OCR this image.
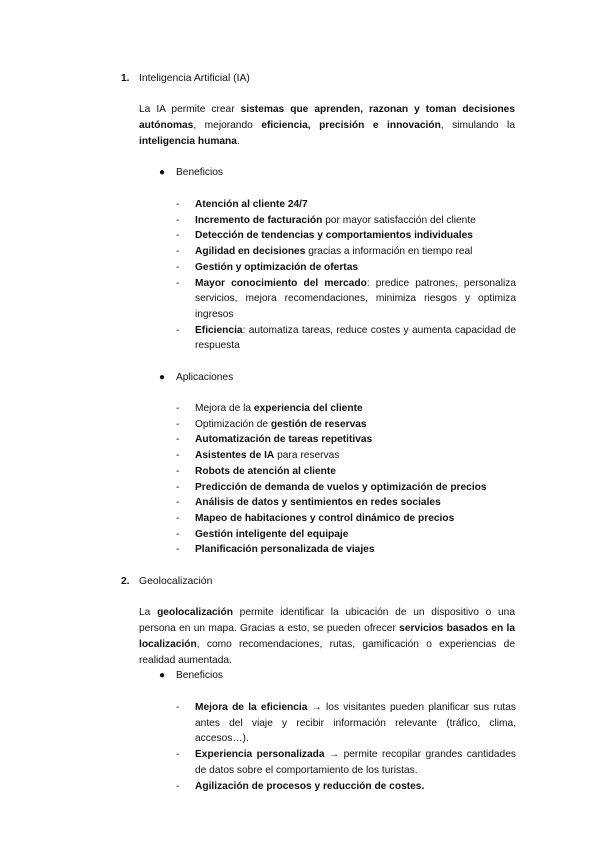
1. Inteligencia Artificial (IA)
La IA permite crear sistemas que aprenden, razonan y toman decisiones autónomas, mejorando eficiencia, precisión e innovación, simulando la inteligencia humana.
● Beneficios
- Atención al cliente 24/7
- Incremento de facturación por mayor satisfacción del cliente
- Detección de tendencias y comportamientos individuales
- Agilidad en decisiones gracias a información en tiempo real
- Gestión y optimización de ofertas
- Mayor conocimiento del mercado: predice patrones, personaliza servicios, mejora recomendaciones, minimiza riesgos y optimiza ingresos
- Eficiencia: automatiza tareas, reduce costes y aumenta capacidad de respuesta
● Aplicaciones
- Mejora de la experiencia del cliente
- Optimización de gestión de reservas
- Automatización de tareas repetitivas
- Asistentes de IA para reservas
- Robots de atención al cliente
- Predicción de demanda de vuelos y optimización de precios
- Análisis de datos y sentimientos en redes sociales
- Mapeo de habitaciones y control dinámico de precios
- Gestión inteligente del equipaje
- Planificación personalizada de viajes
2. Geolocalización
La geolocalización permite identificar la ubicación de un dispositivo o una persona en un mapa. Gracias a esto, se pueden ofrecer servicios basados en la localización, como recomendaciones, rutas, gamificación o experiencias de realidad aumentada.
● Beneficios
- Mejora de la eficiencia → los visitantes pueden planificar sus rutas antes del viaje y recibir información relevante (tráfico, clima, accesos…).
- Experiencia personalizada → permite recopilar grandes cantidades de datos sobre el comportamiento de los turistas.
- Agilización de procesos y reducción de costes.
